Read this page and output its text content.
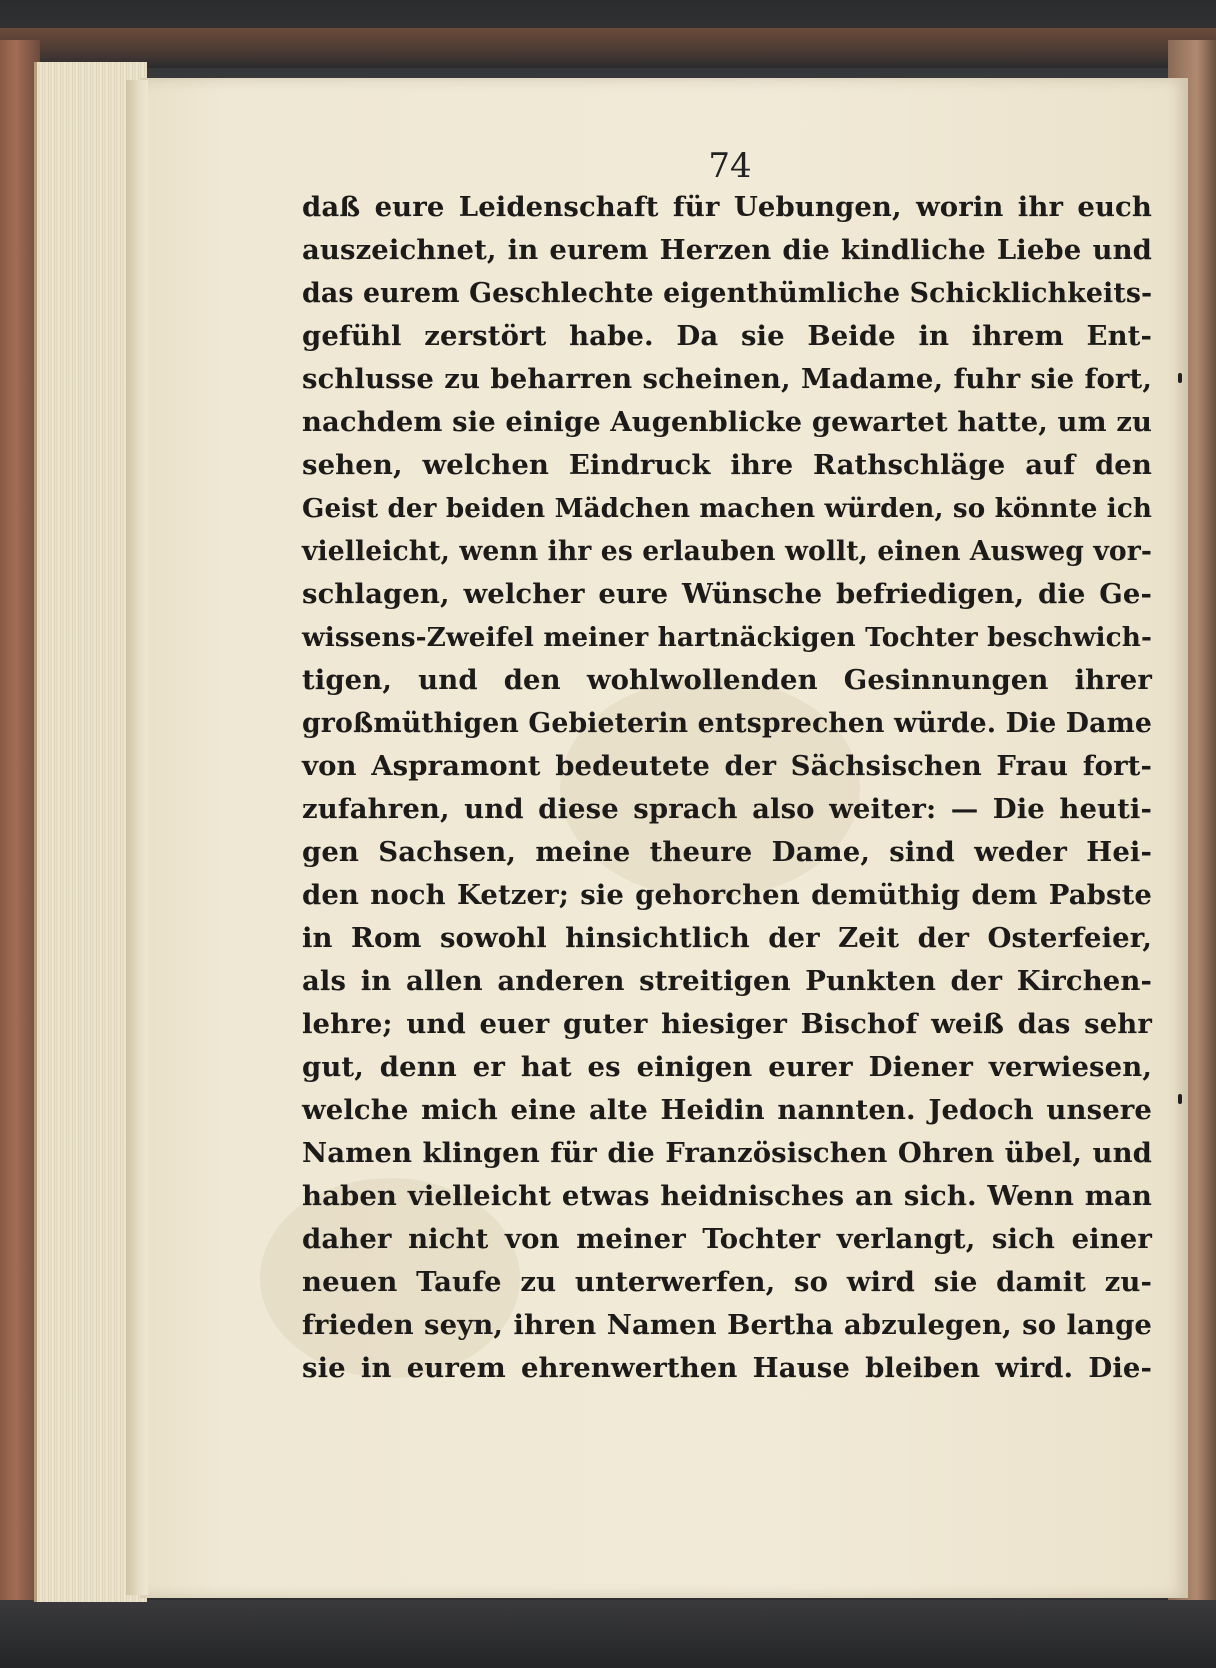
74
daß eure Leidenschaft für Uebungen, worin ihr euch
auszeichnet, in eurem Herzen die kindliche Liebe und
das eurem Geschlechte eigenthümliche Schicklichkeits-
gefühl zerstört habe. Da sie Beide in ihrem Ent-
schlusse zu beharren scheinen, Madame, fuhr sie fort,
nachdem sie einige Augenblicke gewartet hatte, um zu
sehen, welchen Eindruck ihre Rathschläge auf den
Geist der beiden Mädchen machen würden, so könnte ich
vielleicht, wenn ihr es erlauben wollt, einen Ausweg vor-
schlagen, welcher eure Wünsche befriedigen, die Ge-
wissens-Zweifel meiner hartnäckigen Tochter beschwich-
tigen, und den wohlwollenden Gesinnungen ihrer
großmüthigen Gebieterin entsprechen würde. Die Dame
von Aspramont bedeutete der Sächsischen Frau fort-
zufahren, und diese sprach also weiter: — Die heuti-
gen Sachsen, meine theure Dame, sind weder Hei-
den noch Ketzer; sie gehorchen demüthig dem Pabste
in Rom sowohl hinsichtlich der Zeit der Osterfeier,
als in allen anderen streitigen Punkten der Kirchen-
lehre; und euer guter hiesiger Bischof weiß das sehr
gut, denn er hat es einigen eurer Diener verwiesen,
welche mich eine alte Heidin nannten. Jedoch unsere
Namen klingen für die Französischen Ohren übel, und
haben vielleicht etwas heidnisches an sich. Wenn man
daher nicht von meiner Tochter verlangt, sich einer
neuen Taufe zu unterwerfen, so wird sie damit zu-
frieden seyn, ihren Namen Bertha abzulegen, so lange
sie in eurem ehrenwerthen Hause bleiben wird. Die-
